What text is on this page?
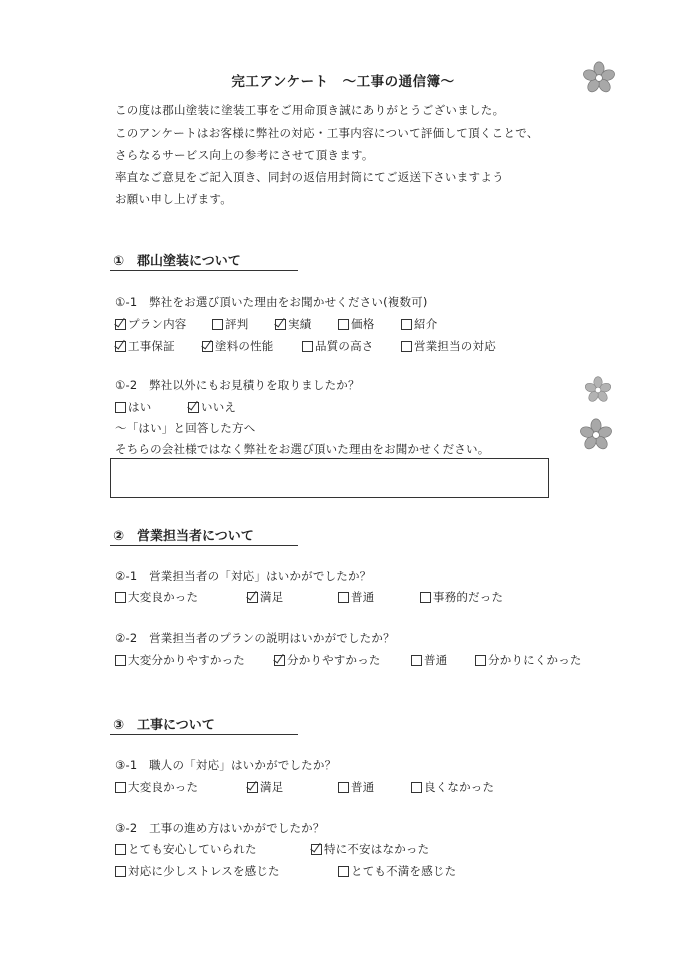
完工アンケート　～工事の通信簿～
この度は郡山塗装に塗装工事をご用命頂き誠にありがとうございました。
このアンケートはお客様に弊社の対応・工事内容について評価して頂くことで、
さらなるサービス向上の参考にさせて頂きます。
率直なご意見をご記入頂き、同封の返信用封筒にてご返送下さいますよう
お願い申し上げます。
①　郡山塗装について
①-1　弊社をお選び頂いた理由をお聞かせください(複数可)
プラン内容	評判	実績	価格	紹介
工事保証	塗料の性能	品質の高さ	営業担当の対応
①-2　弊社以外にもお見積りを取りましたか？
はい	いいえ
～「はい」と回答した方へ
そちらの会社様ではなく弊社をお選び頂いた理由をお聞かせください。
②　営業担当者について
②-1　営業担当者の「対応」はいかがでしたか？
大変良かった	満足	普通	事務的だった
②-2　営業担当者のプランの説明はいかがでしたか？
大変分かりやすかった	分かりやすかった	普通	分かりにくかった
③　工事について
③-1　職人の「対応」はいかがでしたか？
大変良かった	満足	普通	良くなかった
③-2　工事の進め方はいかがでしたか？
とても安心していられた	特に不安はなかった
対応に少しストレスを感じた	とても不満を感じた
